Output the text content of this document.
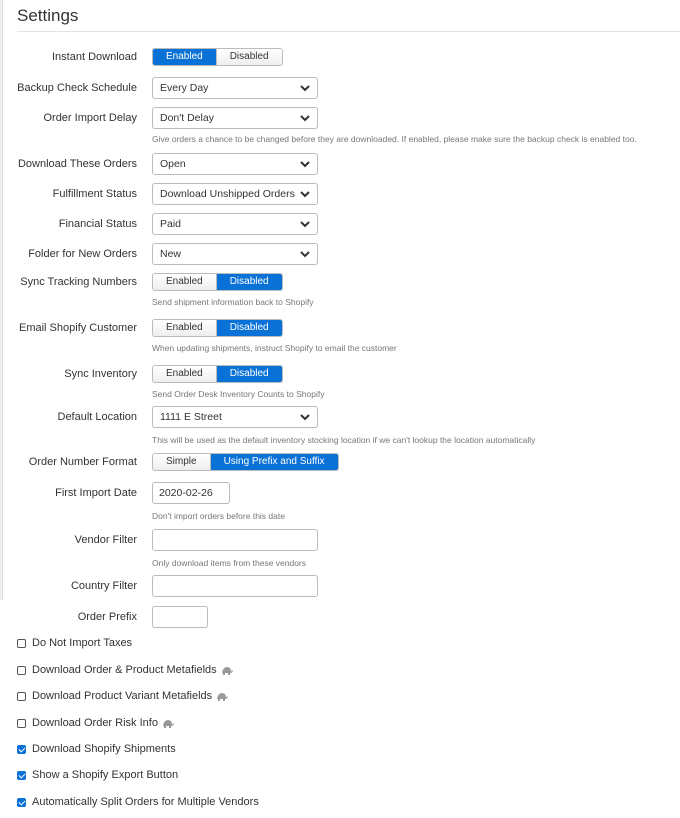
Settings
Instant Download	Enabled	Disabled
Backup Check Schedule	Every Day
Order Import Delay	Don't Delay
Give orders a chance to be changed before they are downloaded. If enabled, please make sure the backup check is enabled too.
Download These Orders	Open
Fulfillment Status	Download Unshipped Orders
Financial Status	Paid
Folder for New Orders	New
Sync Tracking Numbers	Enabled	Disabled
Send shipment information back to Shopify
Email Shopify Customer	Enabled	Disabled
When updating shipments, instruct Shopify to email the customer
Sync Inventory	Enabled	Disabled
Send Order Desk Inventory Counts to Shopify
Default Location	1111 E Street
This will be used as the default inventory stocking location if we can't lookup the location automatically
Order Number Format	Simple	Using Prefix and Suffix
First Import Date	2020-02-26
Don't import orders before this date
Vendor Filter
Only download items from these vendors
Country Filter
Order Prefix
Do Not Import Taxes
Download Order & Product Metafields
Download Product Variant Metafields
Download Order Risk Info
Download Shopify Shipments
Show a Shopify Export Button
Automatically Split Orders for Multiple Vendors
